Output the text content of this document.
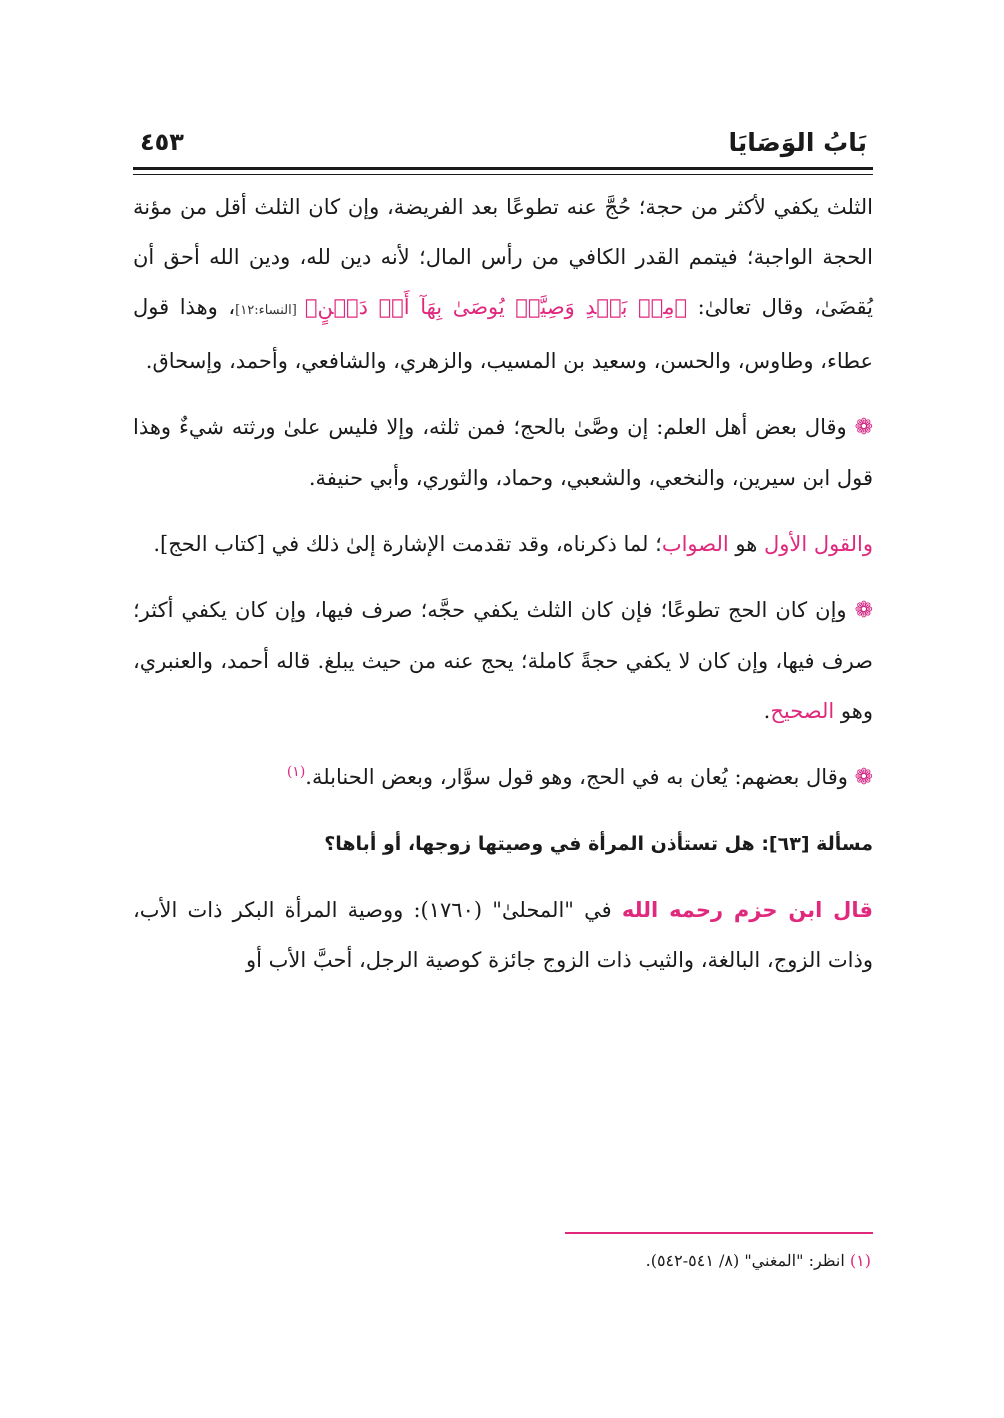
بَابُ الوَصَايَا
٤٥٣

الثلث يكفي لأكثر من حجة؛ حُجَّ عنه تطوعًا بعد الفريضة، وإن كان الثلث أقل من مؤنة الحجة الواجبة؛ فيتمم القدر الكافي من رأس المال؛ لأنه دين لله، ودين الله أحق أن يُقضَىٰ، وقال تعالىٰ: ﴿مِنۢ بَعۡدِ وَصِيَّةٖ يُوصَىٰ بِهَآ أَوۡ دَيۡنٍ﴾ [النساء:١٢]، وهذا قول عطاء، وطاوس، والحسن، وسعيد بن المسيب، والزهري، والشافعي، وأحمد، وإسحاق.

❁ وقال بعض أهل العلم: إن وصَّىٰ بالحج؛ فمن ثلثه، وإلا فليس علىٰ ورثته شيءٌ وهذا قول ابن سيرين، والنخعي، والشعبي، وحماد، والثوري، وأبي حنيفة.

والقول الأول هو الصواب؛ لما ذكرناه، وقد تقدمت الإشارة إلىٰ ذلك في [كتاب الحج].

❁ وإن كان الحج تطوعًا؛ فإن كان الثلث يكفي حجَّه؛ صرف فيها، وإن كان يكفي أكثر؛ صرف فيها، وإن كان لا يكفي حجةً كاملة؛ يحج عنه من حيث يبلغ. قاله أحمد، والعنبري، وهو الصحيح.

❁ وقال بعضهم: يُعان به في الحج، وهو قول سوَّار، وبعض الحنابلة.$^{(١)}$

مسألة [٦٣]: هل تستأذن المرأة في وصيتها زوجها، أو أباها؟

قال ابن حزم رحمه الله في "المحلىٰ" (١٧٦٠): ووصية المرأة البكر ذات الأب، وذات الزوج، البالغة، والثيب ذات الزوج جائزة كوصية الرجل، أحبَّ الأب أو

(١) انظر: "المغني" (٨/ ٥٤١-٥٤٢).
